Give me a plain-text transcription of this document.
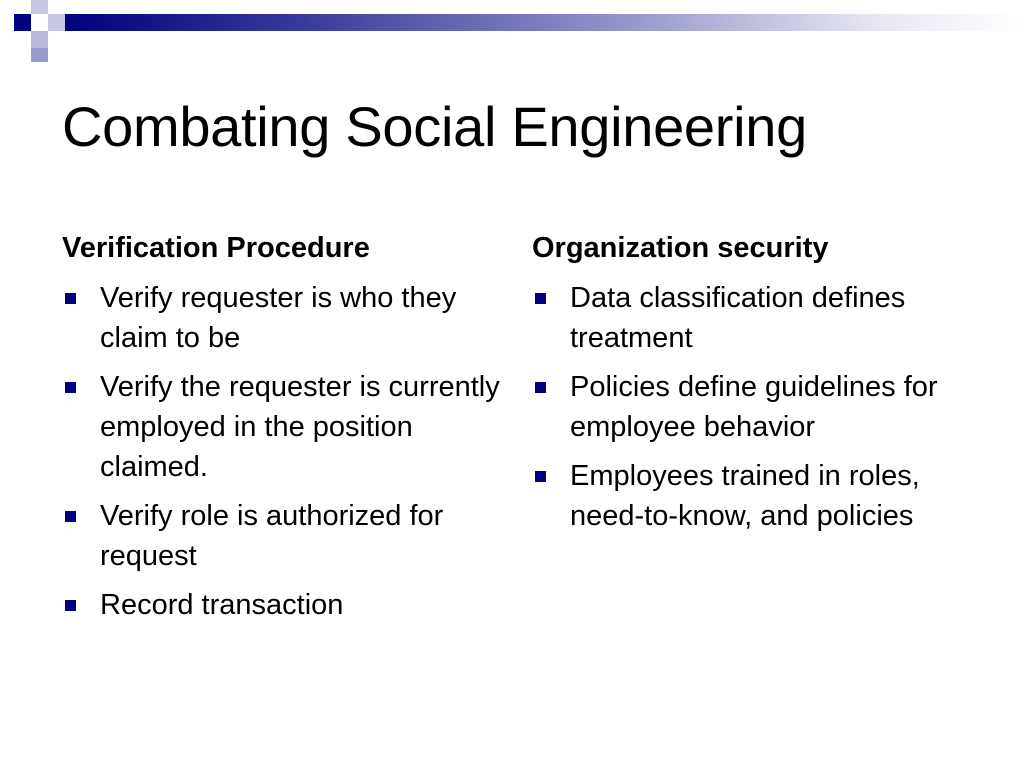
Combating Social Engineering
Verification Procedure
Verify requester is who they claim to be
Verify the requester is currently employed in the position claimed.
Verify role is authorized for request
Record transaction
Organization security
Data classification defines treatment
Policies define guidelines for employee behavior
Employees trained in roles, need-to-know, and policies
